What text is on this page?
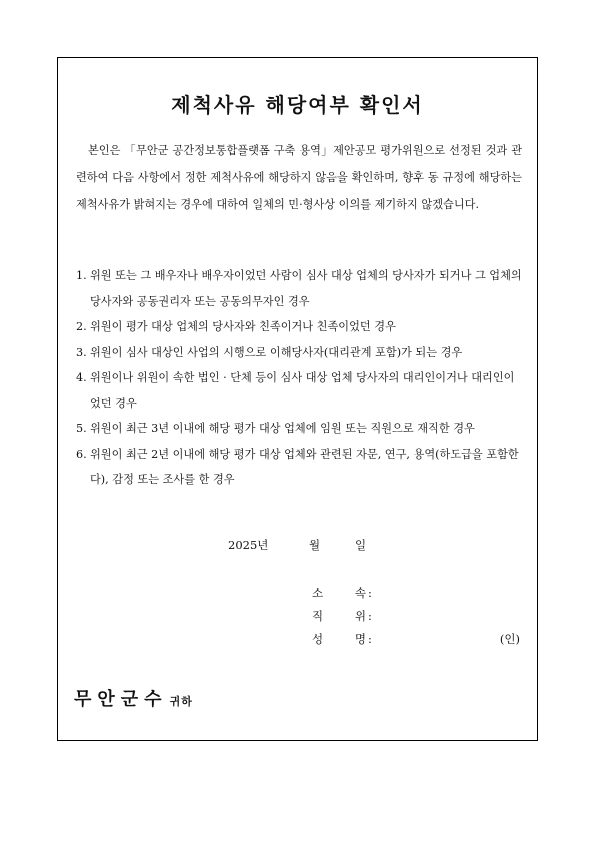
제척사유 해당여부 확인서

본인은 「무안군 공간정보통합플랫폼 구축 용역」제안공모 평가위원으로 선정된 것과 관련하여 다음 사항에서 정한 제척사유에 해당하지 않음을 확인하며, 향후 동 규정에 해당하는 제척사유가 밝혀지는 경우에 대하여 일체의 민·형사상 이의를 제기하지 않겠습니다.

1. 위원 또는 그 배우자나 배우자이었던 사람이 심사 대상 업체의 당사자가 되거나 그 업체의 당사자와 공동권리자 또는 공동의무자인 경우
2. 위원이 평가 대상 업체의 당사자와 친족이거나 친족이었던 경우
3. 위원이 심사 대상인 사업의 시행으로 이해당사자(대리관계 포함)가 되는 경우
4. 위원이나 위원이 속한 법인 · 단체 등이 심사 대상 업체 당사자의 대리인이거나 대리인이었던 경우
5. 위원이 최근 3년 이내에 해당 평가 대상 업체에 임원 또는 직원으로 재직한 경우
6. 위원이 최근 2년 이내에 해당 평가 대상 업체와 관련된 자문, 연구, 용역(하도급을 포함한다), 감정 또는 조사를 한 경우
2025년	월	일
소	속 :
직	위 :
성	명 :	(인)
무안군수 귀하
